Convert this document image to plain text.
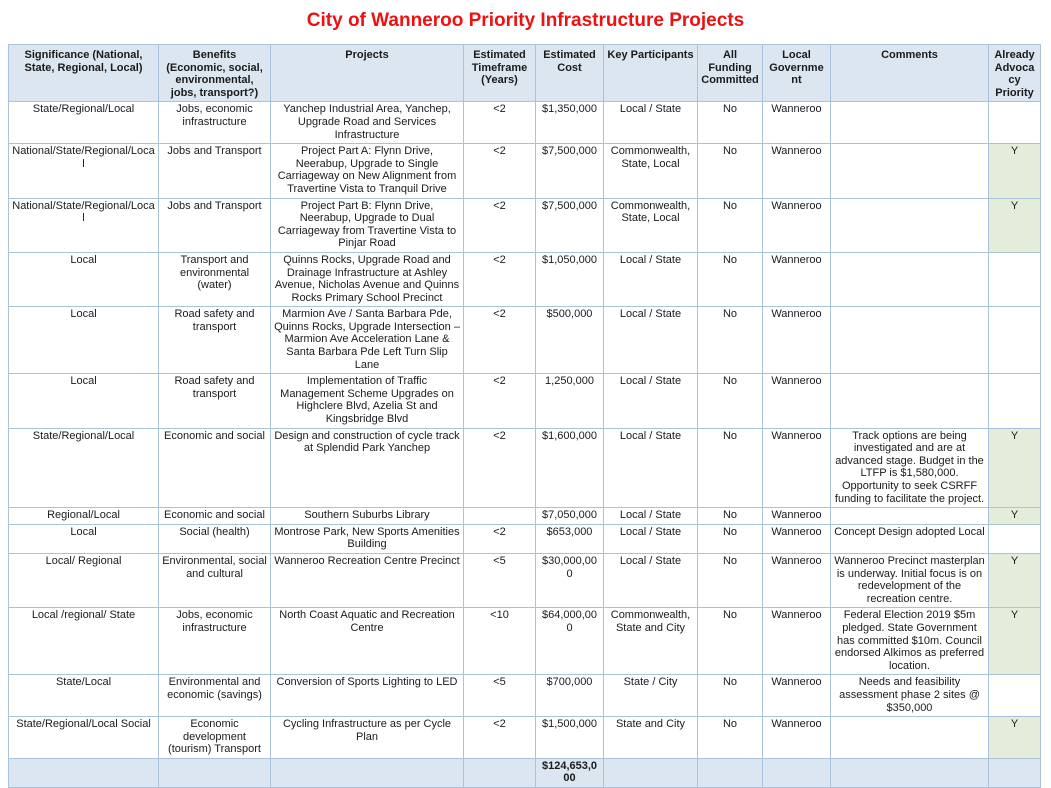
City of Wanneroo Priority Infrastructure Projects
Significance (National, State, Regional, Local)	Benefits (Economic, social, environmental, jobs, transport?)	Projects	Estimated Timeframe (Years)	Estimated Cost	Key Participants	All Funding Committed	Local Government	Comments	Already Advocacy Priority
State/Regional/Local	Jobs, economic infrastructure	Yanchep Industrial Area, Yanchep, Upgrade Road and Services Infrastructure	<2	$1,350,000	Local / State	No	Wanneroo		
National/State/Regional/Local	Jobs and Transport	Project Part A: Flynn Drive, Neerabup, Upgrade to Single Carriageway on New Alignment from Travertine Vista to Tranquil Drive	<2	$7,500,000	Commonwealth, State, Local	No	Wanneroo		Y
National/State/Regional/Local	Jobs and Transport	Project Part B: Flynn Drive, Neerabup, Upgrade to Dual Carriageway from Travertine Vista to Pinjar Road	<2	$7,500,000	Commonwealth, State, Local	No	Wanneroo		Y
Local	Transport and environmental (water)	Quinns Rocks, Upgrade Road and Drainage Infrastructure at Ashley Avenue, Nicholas Avenue and Quinns Rocks Primary School Precinct	<2	$1,050,000	Local / State	No	Wanneroo		
Local	Road safety and transport	Marmion Ave / Santa Barbara Pde, Quinns Rocks, Upgrade Intersection – Marmion Ave Acceleration Lane & Santa Barbara Pde Left Turn Slip Lane	<2	$500,000	Local / State	No	Wanneroo		
Local	Road safety and transport	Implementation of Traffic Management Scheme Upgrades on Highclere Blvd, Azelia St and Kingsbridge Blvd	<2	1,250,000	Local / State	No	Wanneroo		
State/Regional/Local	Economic and social	Design and construction of cycle track at Splendid Park Yanchep	<2	$1,600,000	Local / State	No	Wanneroo	Track options are being investigated and are at advanced stage. Budget in the LTFP is $1,580,000. Opportunity to seek CSRFF funding to facilitate the project.	Y
Regional/Local	Economic and social	Southern Suburbs Library		$7,050,000	Local / State	No	Wanneroo		Y
Local	Social (health)	Montrose Park, New Sports Amenities Building	<2	$653,000	Local / State	No	Wanneroo	Concept Design adopted Local	
Local/ Regional	Environmental, social and cultural	Wanneroo Recreation Centre Precinct	<5	$30,000,000	Local / State	No	Wanneroo	Wanneroo Precinct masterplan is underway. Initial focus is on redevelopment of the recreation centre.	Y
Local /regional/ State	Jobs, economic infrastructure	North Coast Aquatic and Recreation Centre	<10	$64,000,000	Commonwealth, State and City	No	Wanneroo	Federal Election 2019 $5m pledged. State Government has committed $10m. Council endorsed Alkimos as preferred location.	Y
State/Local	Environmental and economic (savings)	Conversion of Sports Lighting to LED	<5	$700,000	State / City	No	Wanneroo	Needs and feasibility assessment phase 2 sites @ $350,000	
State/Regional/Local Social	Economic development (tourism) Transport	Cycling Infrastructure as per Cycle Plan	<2	$1,500,000	State and City	No	Wanneroo		Y
				$124,653,000					
